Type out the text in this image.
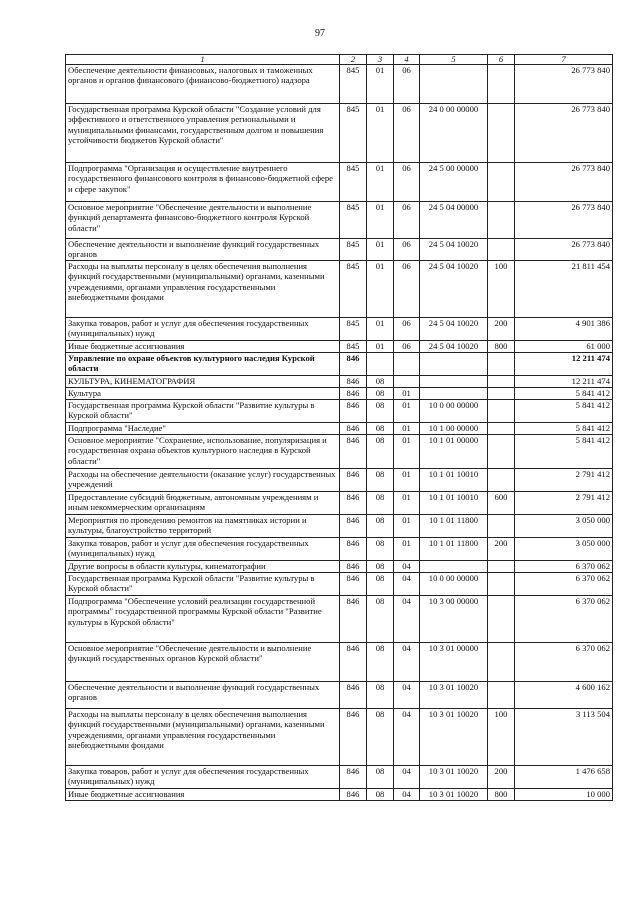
97
1	2	3	4	5	6	7
Обеспечение деятельности финансовых, налоговых и таможенных органов и органов финансового (финансово-бюджетного) надзора	845	01	06			26 773 840
Государственная программа Курской области "Создание условий для эффективного и ответственного управления региональными и муниципальными финансами, государственным долгом и повышения устойчивости бюджетов Курской области"	845	01	06	24 0 00 00000		26 773 840
Подпрограмма "Организация и осуществление внутреннего государственного финансового контроля в финансово-бюджетной сфере и сфере закупок"	845	01	06	24 5 00 00000		26 773 840
Основное мероприятие "Обеспечение деятельности и выполнение функций департамента финансово-бюджетного контроля Курской области"	845	01	06	24 5 04 00000		26 773 840
Обеспечение деятельности и выполнение функций государственных органов	845	01	06	24 5 04 10020		26 773 840
Расходы на выплаты персоналу в целях обеспечения выполнения функций государственными (муниципальными) органами, казенными учреждениями, органами управления государственными внебюджетными фондами	845	01	06	24 5 04 10020	100	21 811 454
Закупка товаров, работ и услуг для обеспечения государственных (муниципальных) нужд	845	01	06	24 5 04 10020	200	4 901 386
Иные бюджетные ассигнования	845	01	06	24 5 04 10020	800	61 000
Управление по охране объектов культурного наследия Курской области	846					12 211 474
КУЛЬТУРА, КИНЕМАТОГРАФИЯ	846	08				12 211 474
Культура	846	08	01			5 841 412
Государственная программа Курской области "Развитие культуры в Курской области"	846	08	01	10 0 00 00000		5 841 412
Подпрограмма "Наследие"	846	08	01	10 1 00 00000		5 841 412
Основное мероприятие "Сохранение, использование, популяризация и государственная охрана объектов культурного наследия в Курской области"	846	08	01	10 1 01 00000		5 841 412
Расходы на обеспечение деятельности (оказание услуг) государственных учреждений	846	08	01	10 1 01 10010		2 791 412
Предоставление субсидий бюджетным, автономным учреждениям и иным некоммерческим организациям	846	08	01	10 1 01 10010	600	2 791 412
Мероприятия по проведению ремонтов на памятниках истории и культуры, благоустройство территорий	846	08	01	10 1 01 11800		3 050 000
Закупка товаров, работ и услуг для обеспечения государственных (муниципальных) нужд	846	08	01	10 1 01 11800	200	3 050 000
Другие вопросы в области культуры, кинематографии	846	08	04			6 370 062
Государственная программа Курской области "Развитие культуры в Курской области"	846	08	04	10 0 00 00000		6 370 062
Подпрограмма "Обеспечение условий реализации государственной программы" государственной программы Курской области "Развитие культуры в Курской области"	846	08	04	10 3 00 00000		6 370 062
Основное мероприятие "Обеспечение деятельности и выполнение функций государственных органов Курской области"	846	08	04	10 3 01 00000		6 370 062
Обеспечение деятельности и выполнение функций государственных органов	846	08	04	10 3 01 10020		4 600 162
Расходы на выплаты персоналу в целях обеспечения выполнения функций государственными (муниципальными) органами, казенными учреждениями, органами управления государственными внебюджетными фондами	846	08	04	10 3 01 10020	100	3 113 504
Закупка товаров, работ и услуг для обеспечения государственных (муниципальных) нужд	846	08	04	10 3 01 10020	200	1 476 658
Иные бюджетные ассигнования	846	08	04	10 3 01 10020	800	10 000
